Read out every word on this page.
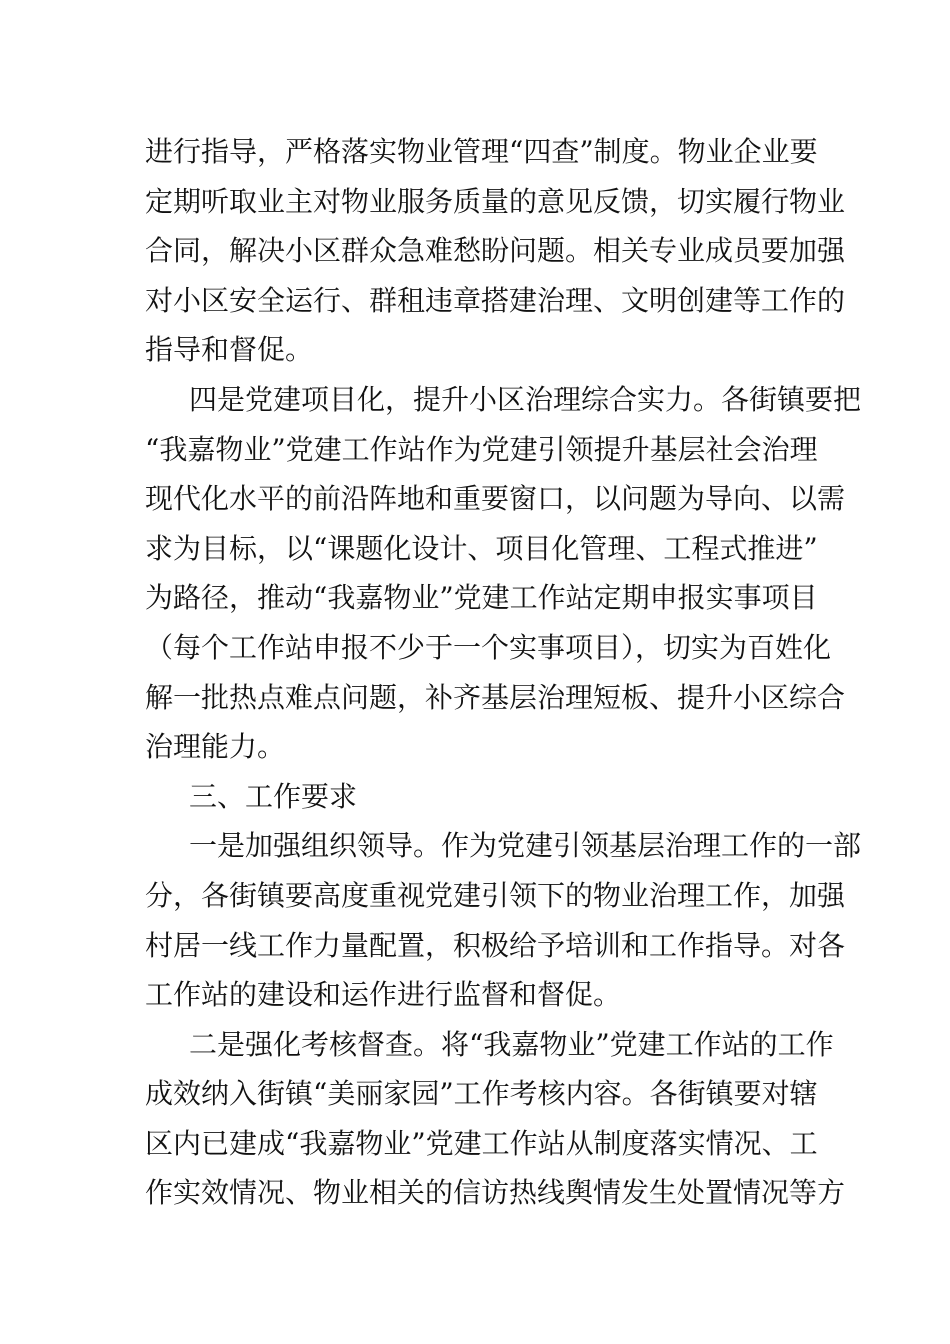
进行指导，严格落实物业管理“四查”制度。物业企业要
定期听取业主对物业服务质量的意见反馈，切实履行物业
合同，解决小区群众急难愁盼问题。相关专业成员要加强
对小区安全运行、群租违章搭建治理、文明创建等工作的
指导和督促。
四是党建项目化，提升小区治理综合实力。各街镇要把
“我嘉物业”党建工作站作为党建引领提升基层社会治理
现代化水平的前沿阵地和重要窗口，以问题为导向、以需
求为目标，以“课题化设计、项目化管理、工程式推进”
为路径，推动“我嘉物业”党建工作站定期申报实事项目
（每个工作站申报不少于一个实事项目），切实为百姓化
解一批热点难点问题，补齐基层治理短板、提升小区综合
治理能力。
三、工作要求
一是加强组织领导。作为党建引领基层治理工作的一部
分，各街镇要高度重视党建引领下的物业治理工作，加强
村居一线工作力量配置，积极给予培训和工作指导。对各
工作站的建设和运作进行监督和督促。
二是强化考核督查。将“我嘉物业”党建工作站的工作
成效纳入街镇“美丽家园”工作考核内容。各街镇要对辖
区内已建成“我嘉物业”党建工作站从制度落实情况、工
作实效情况、物业相关的信访热线舆情发生处置情况等方
